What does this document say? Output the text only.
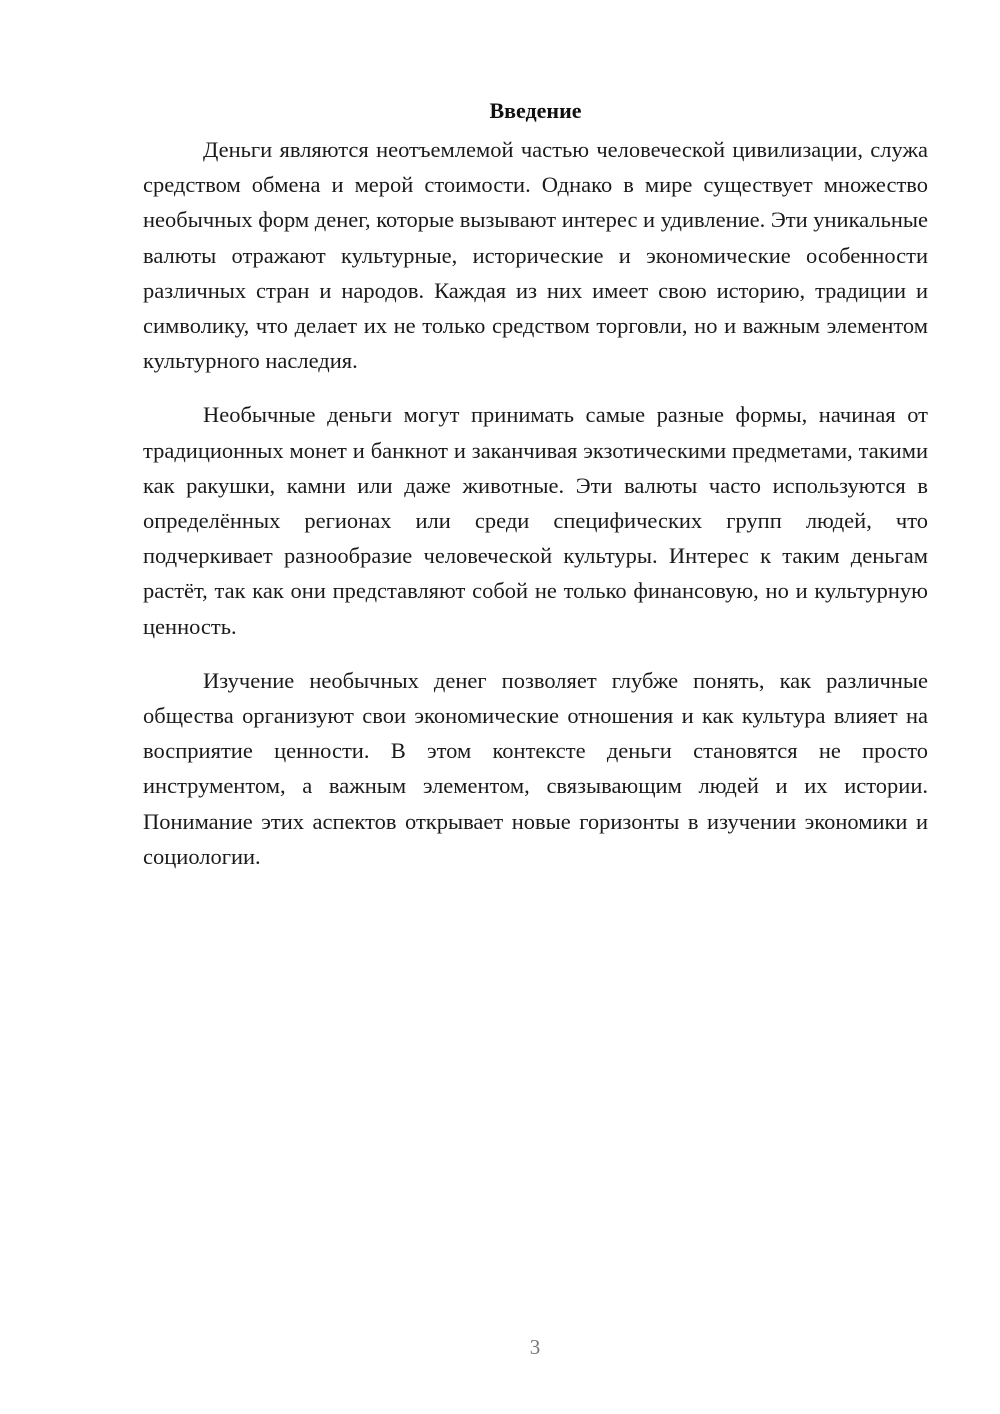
Введение

Деньги являются неотъемлемой частью человеческой цивилизации, служа средством обмена и мерой стоимости. Однако в мире существует множество необычных форм денег, которые вызывают интерес и удивление. Эти уникальные валюты отражают культурные, исторические и экономические особенности различных стран и народов. Каждая из них имеет свою историю, традиции и символику, что делает их не только средством торговли, но и важным элементом культурного наследия.

Необычные деньги могут принимать самые разные формы, начиная от традиционных монет и банкнот и заканчивая экзотическими предметами, такими как ракушки, камни или даже животные. Эти валюты часто используются в определённых регионах или среди специфических групп людей, что подчеркивает разнообразие человеческой культуры. Интерес к таким деньгам растёт, так как они представляют собой не только финансовую, но и культурную ценность.

Изучение необычных денег позволяет глубже понять, как различные общества организуют свои экономические отношения и как культура влияет на восприятие ценности. В этом контексте деньги становятся не просто инструментом, а важным элементом, связывающим людей и их истории. Понимание этих аспектов открывает новые горизонты в изучении экономики и социологии.

3
